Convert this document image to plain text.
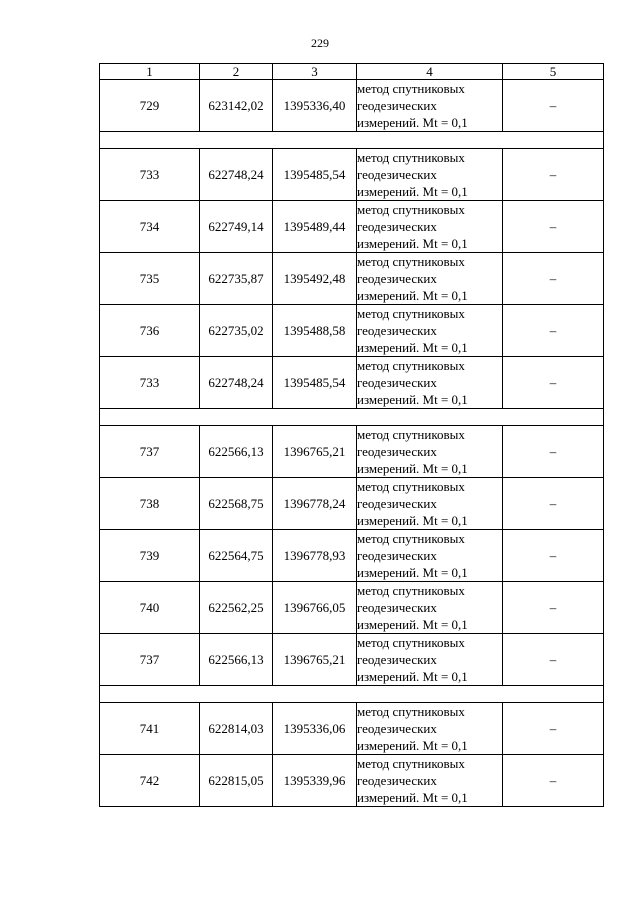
229
1	2	3	4	5
729	623142,02	1395336,40	метод спутниковых
геодезических
измерений. Mt = 0,1	–

733	622748,24	1395485,54	метод спутниковых
геодезических
измерений. Mt = 0,1	–
734	622749,14	1395489,44	метод спутниковых
геодезических
измерений. Mt = 0,1	–
735	622735,87	1395492,48	метод спутниковых
геодезических
измерений. Mt = 0,1	–
736	622735,02	1395488,58	метод спутниковых
геодезических
измерений. Mt = 0,1	–
733	622748,24	1395485,54	метод спутниковых
геодезических
измерений. Mt = 0,1	–

737	622566,13	1396765,21	метод спутниковых
геодезических
измерений. Mt = 0,1	–
738	622568,75	1396778,24	метод спутниковых
геодезических
измерений. Mt = 0,1	–
739	622564,75	1396778,93	метод спутниковых
геодезических
измерений. Mt = 0,1	–
740	622562,25	1396766,05	метод спутниковых
геодезических
измерений. Mt = 0,1	–
737	622566,13	1396765,21	метод спутниковых
геодезических
измерений. Mt = 0,1	–

741	622814,03	1395336,06	метод спутниковых
геодезических
измерений. Mt = 0,1	–
742	622815,05	1395339,96	метод спутниковых
геодезических
измерений. Mt = 0,1	–
